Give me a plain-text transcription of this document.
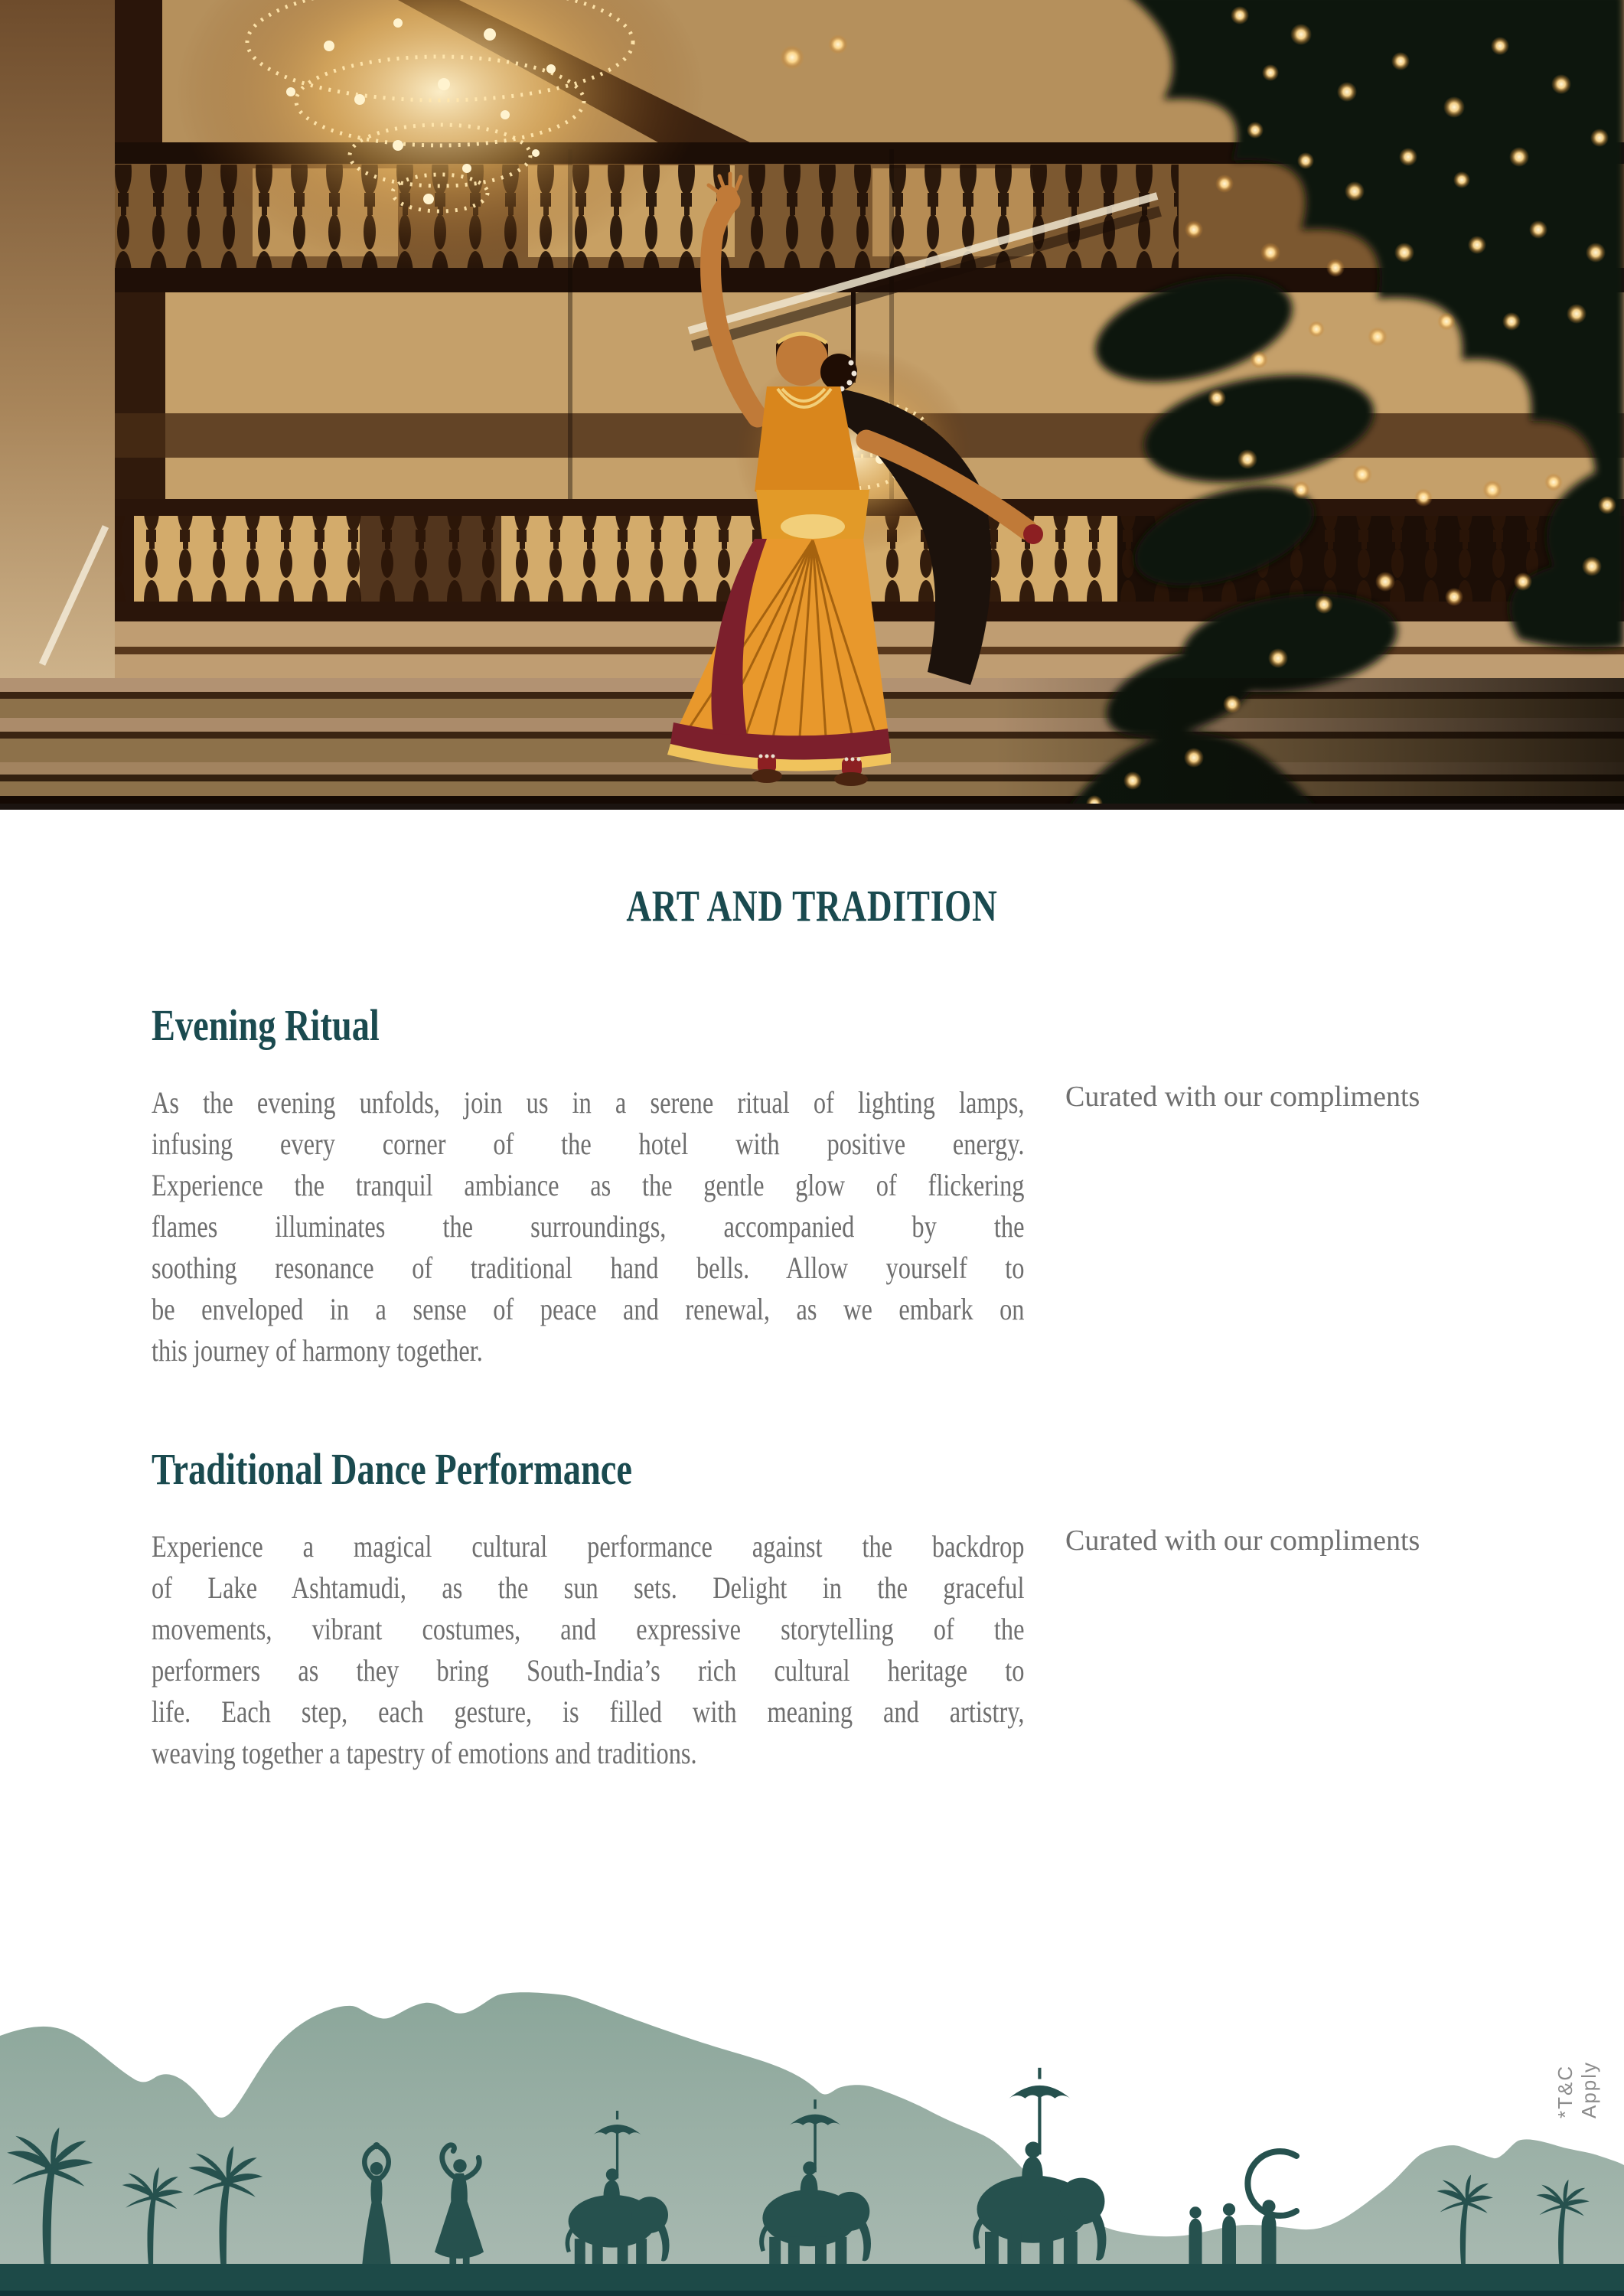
ART AND TRADITION
Evening Ritual
As the evening unfolds, join us in a serene ritual of lighting lamps,
infusing every corner of the hotel with positive energy.
Experience the tranquil ambiance as the gentle glow of flickering
flames illuminates the surroundings, accompanied by the
soothing resonance of traditional hand bells. Allow yourself to
be enveloped in a sense of peace and renewal, as we embark on
this journey of harmony together.
Curated with our compliments
Traditional Dance Performance
Experience a magical cultural performance against the backdrop
of Lake Ashtamudi, as the sun sets. Delight in the graceful
movements, vibrant costumes, and expressive storytelling of the
performers as they bring South-India’s rich cultural heritage to
life. Each step, each gesture, is filled with meaning and artistry,
weaving together a tapestry of emotions and traditions.
Curated with our compliments
*T&C Apply
